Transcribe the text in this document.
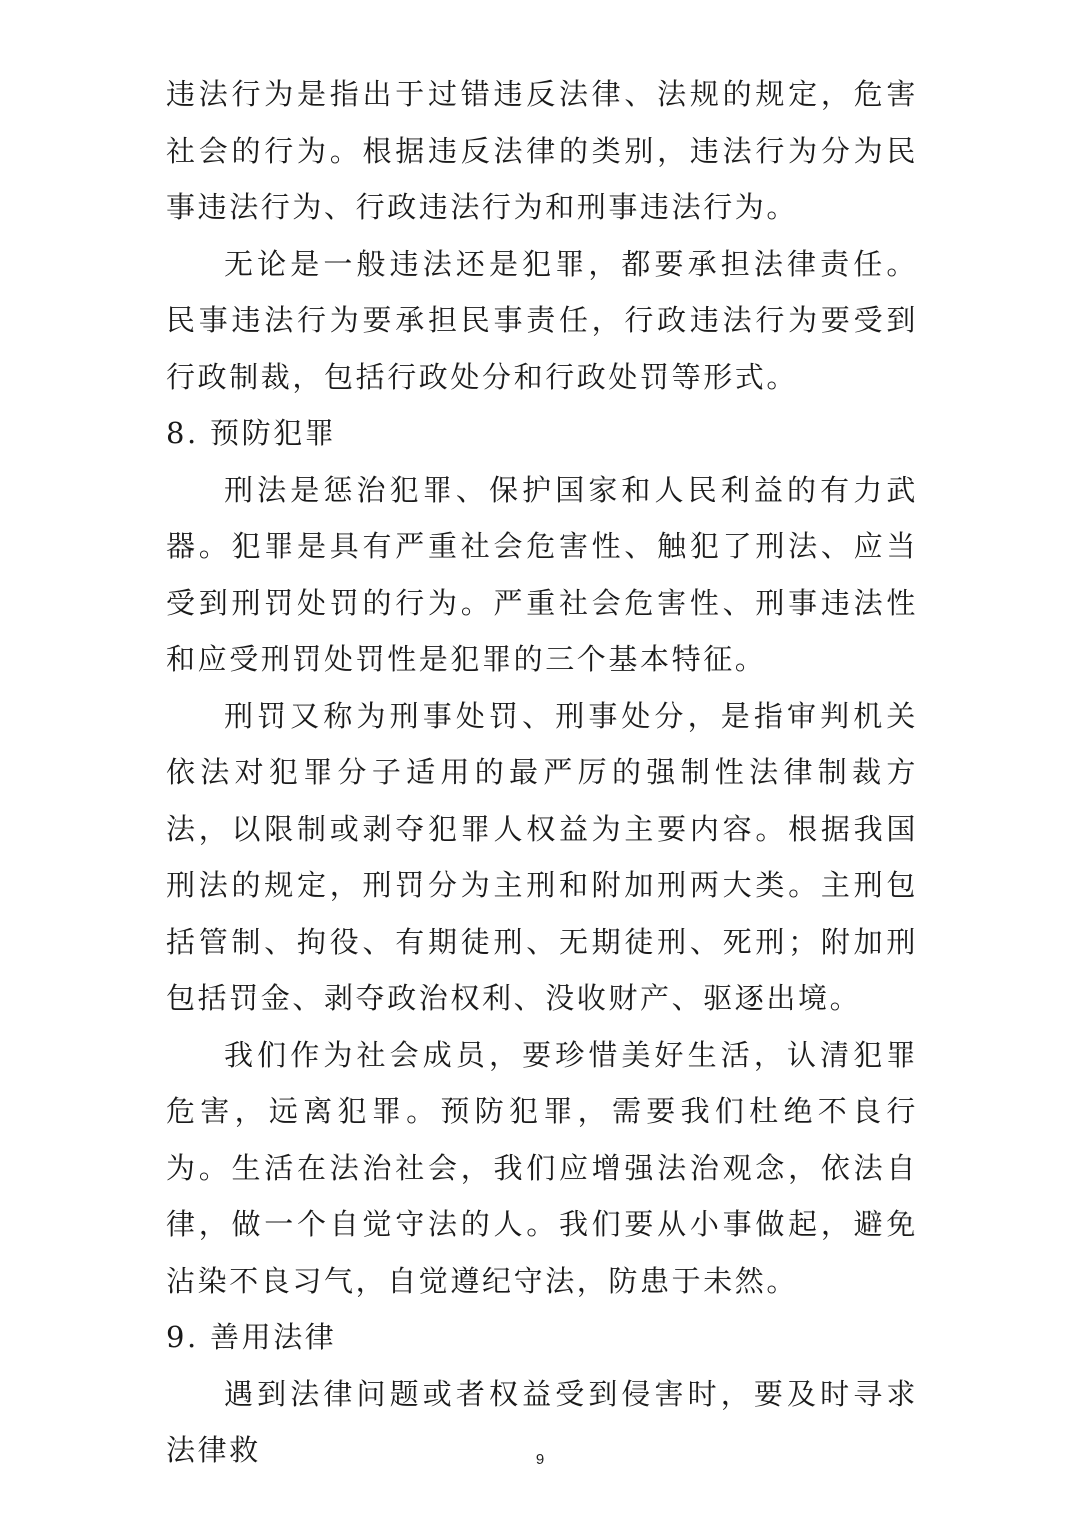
违法行为是指出于过错违反法律、法规的规定，危害社会的行为。根据违反法律的类别，违法行为分为民事违法行为、行政违法行为和刑事违法行为。

无论是一般违法还是犯罪，都要承担法律责任。民事违法行为要承担民事责任，行政违法行为要受到行政制裁，包括行政处分和行政处罚等形式。

8. 预防犯罪

刑法是惩治犯罪、保护国家和人民利益的有力武器。犯罪是具有严重社会危害性、触犯了刑法、应当受到刑罚处罚的行为。严重社会危害性、刑事违法性和应受刑罚处罚性是犯罪的三个基本特征。

刑罚又称为刑事处罚、刑事处分，是指审判机关依法对犯罪分子适用的最严厉的强制性法律制裁方法，以限制或剥夺犯罪人权益为主要内容。根据我国刑法的规定，刑罚分为主刑和附加刑两大类。主刑包括管制、拘役、有期徒刑、无期徒刑、死刑；附加刑包括罚金、剥夺政治权利、没收财产、驱逐出境。

我们作为社会成员，要珍惜美好生活，认清犯罪危害，远离犯罪。预防犯罪，需要我们杜绝不良行为。生活在法治社会，我们应增强法治观念，依法自律，做一个自觉守法的人。我们要从小事做起，避免沾染不良习气，自觉遵纪守法，防患于未然。

9. 善用法律

遇到法律问题或者权益受到侵害时，要及时寻求法律救	9
